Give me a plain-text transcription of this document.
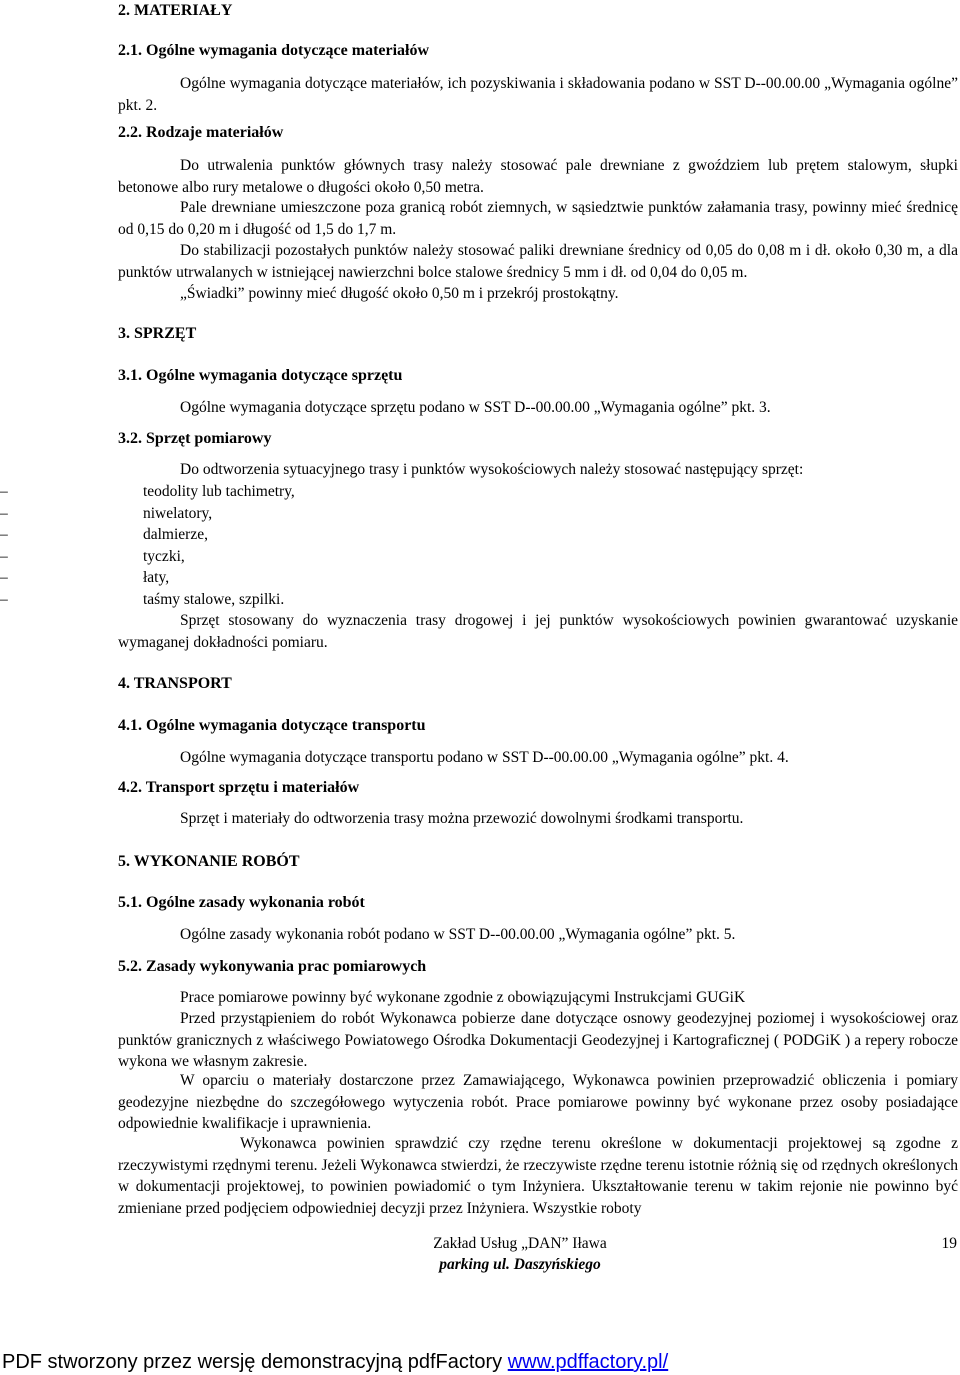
2. MATERIAŁY
2.1. Ogólne wymagania dotyczące materiałów

Ogólne wymagania dotyczące materiałów, ich pozyskiwania i składowania podano w SST D--00.00.00 „Wymagania ogólne” pkt. 2.

2.2. Rodzaje materiałów

Do utrwalenia punktów głównych trasy należy stosować pale drewniane z gwoździem lub prętem stalowym, słupki betonowe albo rury metalowe o długości około 0,50 metra.

Pale drewniane umieszczone poza granicą robót ziemnych, w sąsiedztwie punktów załamania trasy, powinny mieć średnicę od 0,15 do 0,20 m i długość od 1,5 do 1,7 m.

Do stabilizacji pozostałych punktów należy stosować paliki drewniane średnicy od 0,05 do 0,08 m i dł. około 0,30 m, a dla punktów utrwalanych w istniejącej nawierzchni bolce stalowe średnicy 5 mm i dł. od 0,04 do 0,05 m.

„Świadki” powinny mieć długość około 0,50 m i przekrój prostokątny.

3. SPRZĘT
3.1. Ogólne wymagania dotyczące sprzętu

Ogólne wymagania dotyczące sprzętu podano w SST D--00.00.00 „Wymagania ogólne” pkt. 3.

3.2. Sprzęt pomiarowy

Do odtworzenia sytuacyjnego trasy i punktów wysokościowych należy stosować następujący sprzęt:

–	teodolity lub tachimetry,
–	niwelatory,
–	dalmierze,
–	tyczki,
–	łaty,
–	taśmy stalowe, szpilki.

Sprzęt stosowany do wyznaczenia trasy drogowej i jej punktów wysokościowych powinien gwarantować uzyskanie wymaganej dokładności pomiaru.

4. TRANSPORT
4.1. Ogólne wymagania dotyczące transportu

Ogólne wymagania dotyczące transportu podano w SST D--00.00.00 „Wymagania ogólne” pkt. 4.

4.2. Transport sprzętu i materiałów

Sprzęt i materiały do odtworzenia trasy można przewozić dowolnymi środkami transportu.

5. WYKONANIE ROBÓT
5.1. Ogólne zasady wykonania robót

Ogólne zasady wykonania robót podano w SST D--00.00.00 „Wymagania ogólne” pkt. 5.

5.2. Zasady wykonywania prac pomiarowych

Prace pomiarowe powinny być wykonane zgodnie z obowiązującymi Instrukcjami GUGiK

Przed przystąpieniem do robót Wykonawca pobierze dane dotyczące osnowy geodezyjnej poziomej i wysokościowej oraz punktów granicznych z właściwego Powiatowego Ośrodka Dokumentacji Geodezyjnej i Kartograficznej ( PODGiK ) a repery robocze wykona we własnym zakresie.

W oparciu o materiały dostarczone przez Zamawiającego, Wykonawca powinien przeprowadzić obliczenia i pomiary geodezyjne niezbędne do szczegółowego wytyczenia robót. Prace pomiarowe powinny być wykonane przez osoby posiadające odpowiednie kwalifikacje i uprawnienia.

Wykonawca powinien sprawdzić czy rzędne terenu określone w dokumentacji projektowej są zgodne z rzeczywistymi rzędnymi terenu. Jeżeli Wykonawca stwierdzi, że rzeczywiste rzędne terenu istotnie różnią się od rzędnych określonych w dokumentacji projektowej, to powinien powiadomić o tym Inżyniera. Ukształtowanie terenu w takim rejonie nie powinno być zmieniane przed podjęciem odpowiedniej decyzji przez Inżyniera. Wszystkie roboty

Zakład Usług „DAN” Iława
parking ul. Daszyńskiego
19
PDF stworzony przez wersję demonstracyjną pdfFactory www.pdffactory.pl/
